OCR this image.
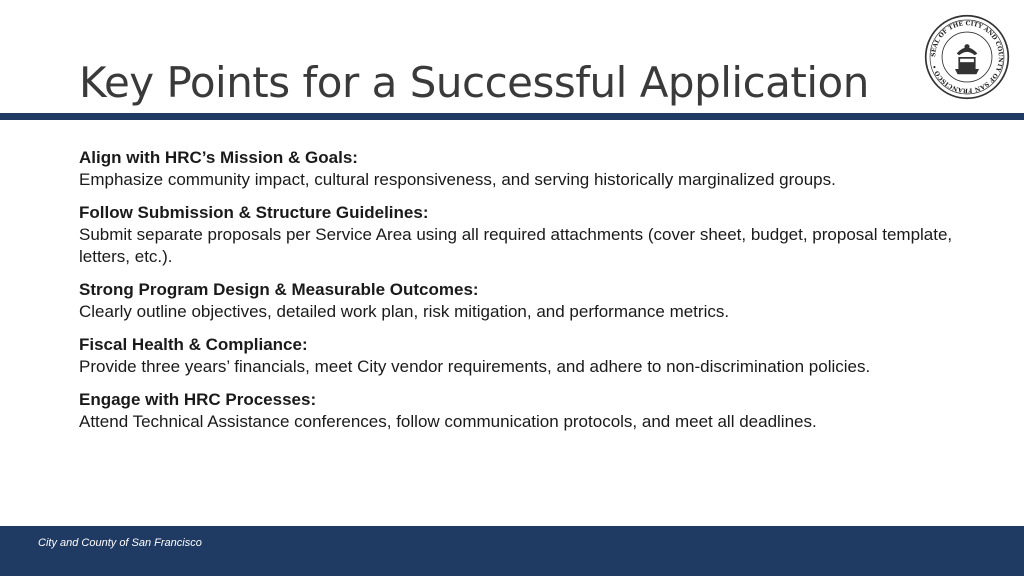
Key Points for a Successful Application
SEAL OF THE CITY AND COUNTY OF SAN FRANCISCO •
Align with HRC’s Mission & Goals:
Emphasize community impact, cultural responsiveness, and serving historically marginalized groups.
Follow Submission & Structure Guidelines:
Submit separate proposals per Service Area using all required attachments (cover sheet, budget, proposal template, letters, etc.).
Strong Program Design & Measurable Outcomes:
Clearly outline objectives, detailed work plan, risk mitigation, and performance metrics.
Fiscal Health & Compliance:
Provide three years’ financials, meet City vendor requirements, and adhere to non-discrimination policies.
Engage with HRC Processes:
Attend Technical Assistance conferences, follow communication protocols, and meet all deadlines.
City and County of San Francisco
